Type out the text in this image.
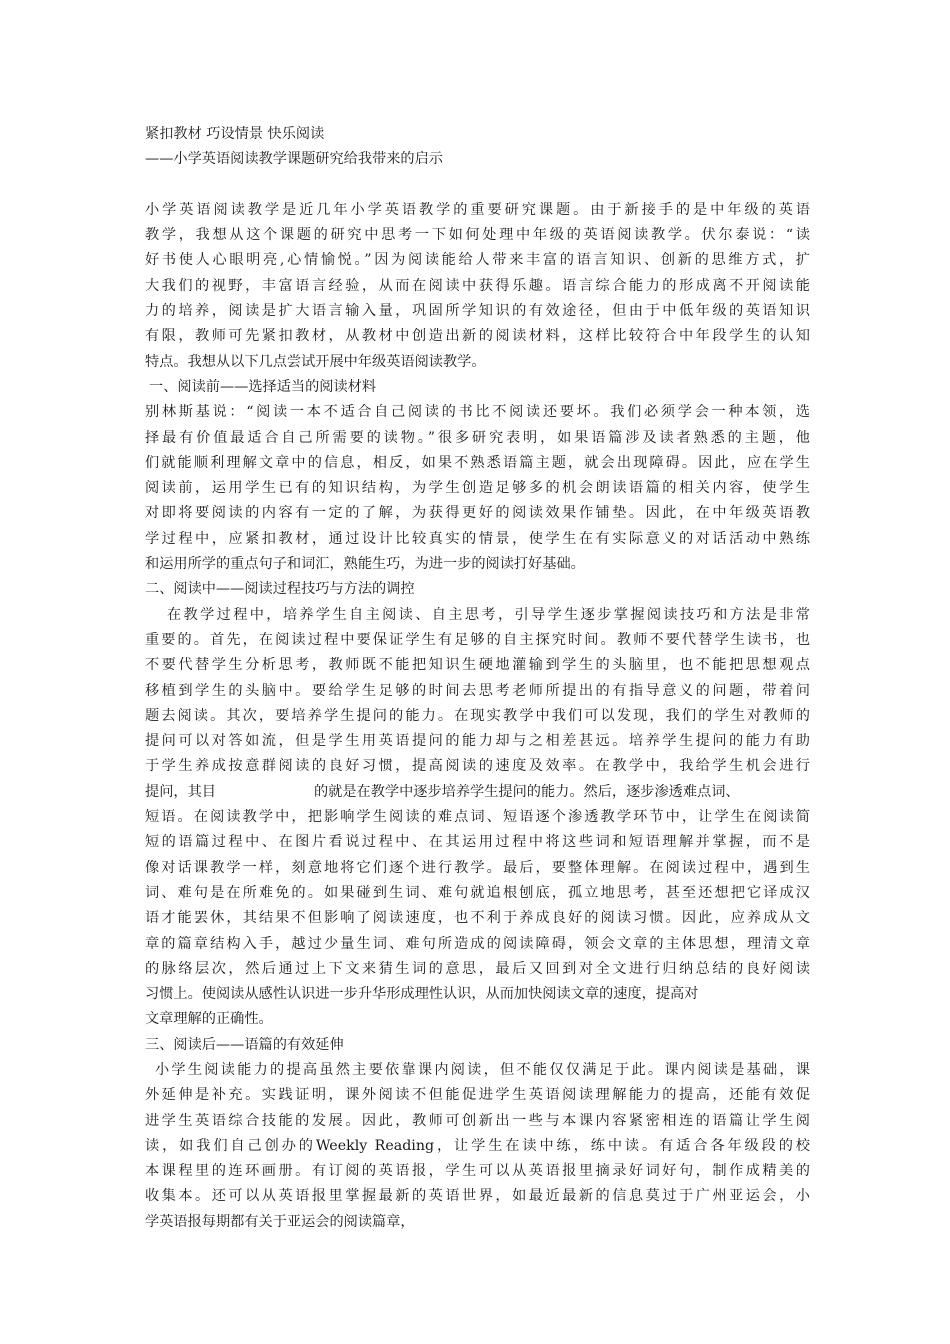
紧扣教材 巧设情景 快乐阅读
——小学英语阅读教学课题研究给我带来的启示
小学英语阅读教学是近几年小学英语教学的重要研究课题。由于新接手的是中年级的英语
教学，我想从这个课题的研究中思考一下如何处理中年级的英语阅读教学。伏尔泰说：“读
好书使人心眼明亮,心情愉悦。”因为阅读能给人带来丰富的语言知识、创新的思维方式，扩
大我们的视野，丰富语言经验，从而在阅读中获得乐趣。语言综合能力的形成离不开阅读能
力的培养，阅读是扩大语言输入量，巩固所学知识的有效途径，但由于中低年级的英语知识
有限，教师可先紧扣教材，从教材中创造出新的阅读材料，这样比较符合中年段学生的认知
特点。我想从以下几点尝试开展中年级英语阅读教学。
一、阅读前——选择适当的阅读材料
别林斯基说：“阅读一本不适合自己阅读的书比不阅读还要坏。我们必须学会一种本领，选
择最有价值最适合自己所需要的读物。”很多研究表明，如果语篇涉及读者熟悉的主题，他
们就能顺利理解文章中的信息，相反，如果不熟悉语篇主题，就会出现障碍。因此，应在学生
阅读前，运用学生已有的知识结构，为学生创造足够多的机会朗读语篇的相关内容，使学生
对即将要阅读的内容有一定的了解，为获得更好的阅读效果作铺垫。因此，在中年级英语教
学过程中，应紧扣教材，通过设计比较真实的情景，使学生在有实际意义的对话活动中熟练
和运用所学的重点句子和词汇，熟能生巧，为进一步的阅读打好基础。
二、阅读中——阅读过程技巧与方法的调控
在教学过程中，培养学生自主阅读、自主思考，引导学生逐步掌握阅读技巧和方法是非常
重要的。首先，在阅读过程中要保证学生有足够的自主探究时间。教师不要代替学生读书，也
不要代替学生分析思考，教师既不能把知识生硬地灌输到学生的头脑里，也不能把思想观点
移植到学生的头脑中。要给学生足够的时间去思考老师所提出的有指导意义的问题，带着问
题去阅读。其次，要培养学生提问的能力。在现实教学中我们可以发现，我们的学生对教师的
提问可以对答如流，但是学生用英语提问的能力却与之相差甚远。培养学生提问的能力有助
于学生养成按意群阅读的良好习惯，提高阅读的速度及效率。在教学中，我给学生机会进行
提问，其目	的就是在教学中逐步培养学生提问的能力。然后，逐步渗透难点词、
短语。在阅读教学中，把影响学生阅读的难点词、短语逐个渗透教学环节中，让学生在阅读简
短的语篇过程中、在图片看说过程中、在其运用过程中将这些词和短语理解并掌握，而不是
像对话课教学一样，刻意地将它们逐个进行教学。最后，要整体理解。在阅读过程中，遇到生
词、难句是在所难免的。如果碰到生词、难句就追根刨底，孤立地思考，甚至还想把它译成汉
语才能罢休，其结果不但影响了阅读速度，也不利于养成良好的阅读习惯。因此，应养成从文
章的篇章结构入手，越过少量生词、难句所造成的阅读障碍，领会文章的主体思想，理清文章
的脉络层次，然后通过上下文来猜生词的意思，最后又回到对全文进行归纳总结的良好阅读
习惯上。使阅读从感性认识进一步升华形成理性认识，从而加快阅读文章的速度，提高对
文章理解的正确性。
三、阅读后——语篇的有效延伸
小学生阅读能力的提高虽然主要依靠课内阅读，但不能仅仅满足于此。课内阅读是基础，课
外延伸是补充。实践证明，课外阅读不但能促进学生英语阅读理解能力的提高，还能有效促
进学生英语综合技能的发展。因此，教师可创新出一些与本课内容紧密相连的语篇让学生阅
读，如我们自己创办的Weekly Reading，让学生在读中练，练中读。有适合各年级段的校
本课程里的连环画册。有订阅的英语报，学生可以从英语报里摘录好词好句，制作成精美的
收集本。还可以从英语报里掌握最新的英语世界，如最近最新的信息莫过于广州亚运会，小
学英语报每期都有关于亚运会的阅读篇章，
